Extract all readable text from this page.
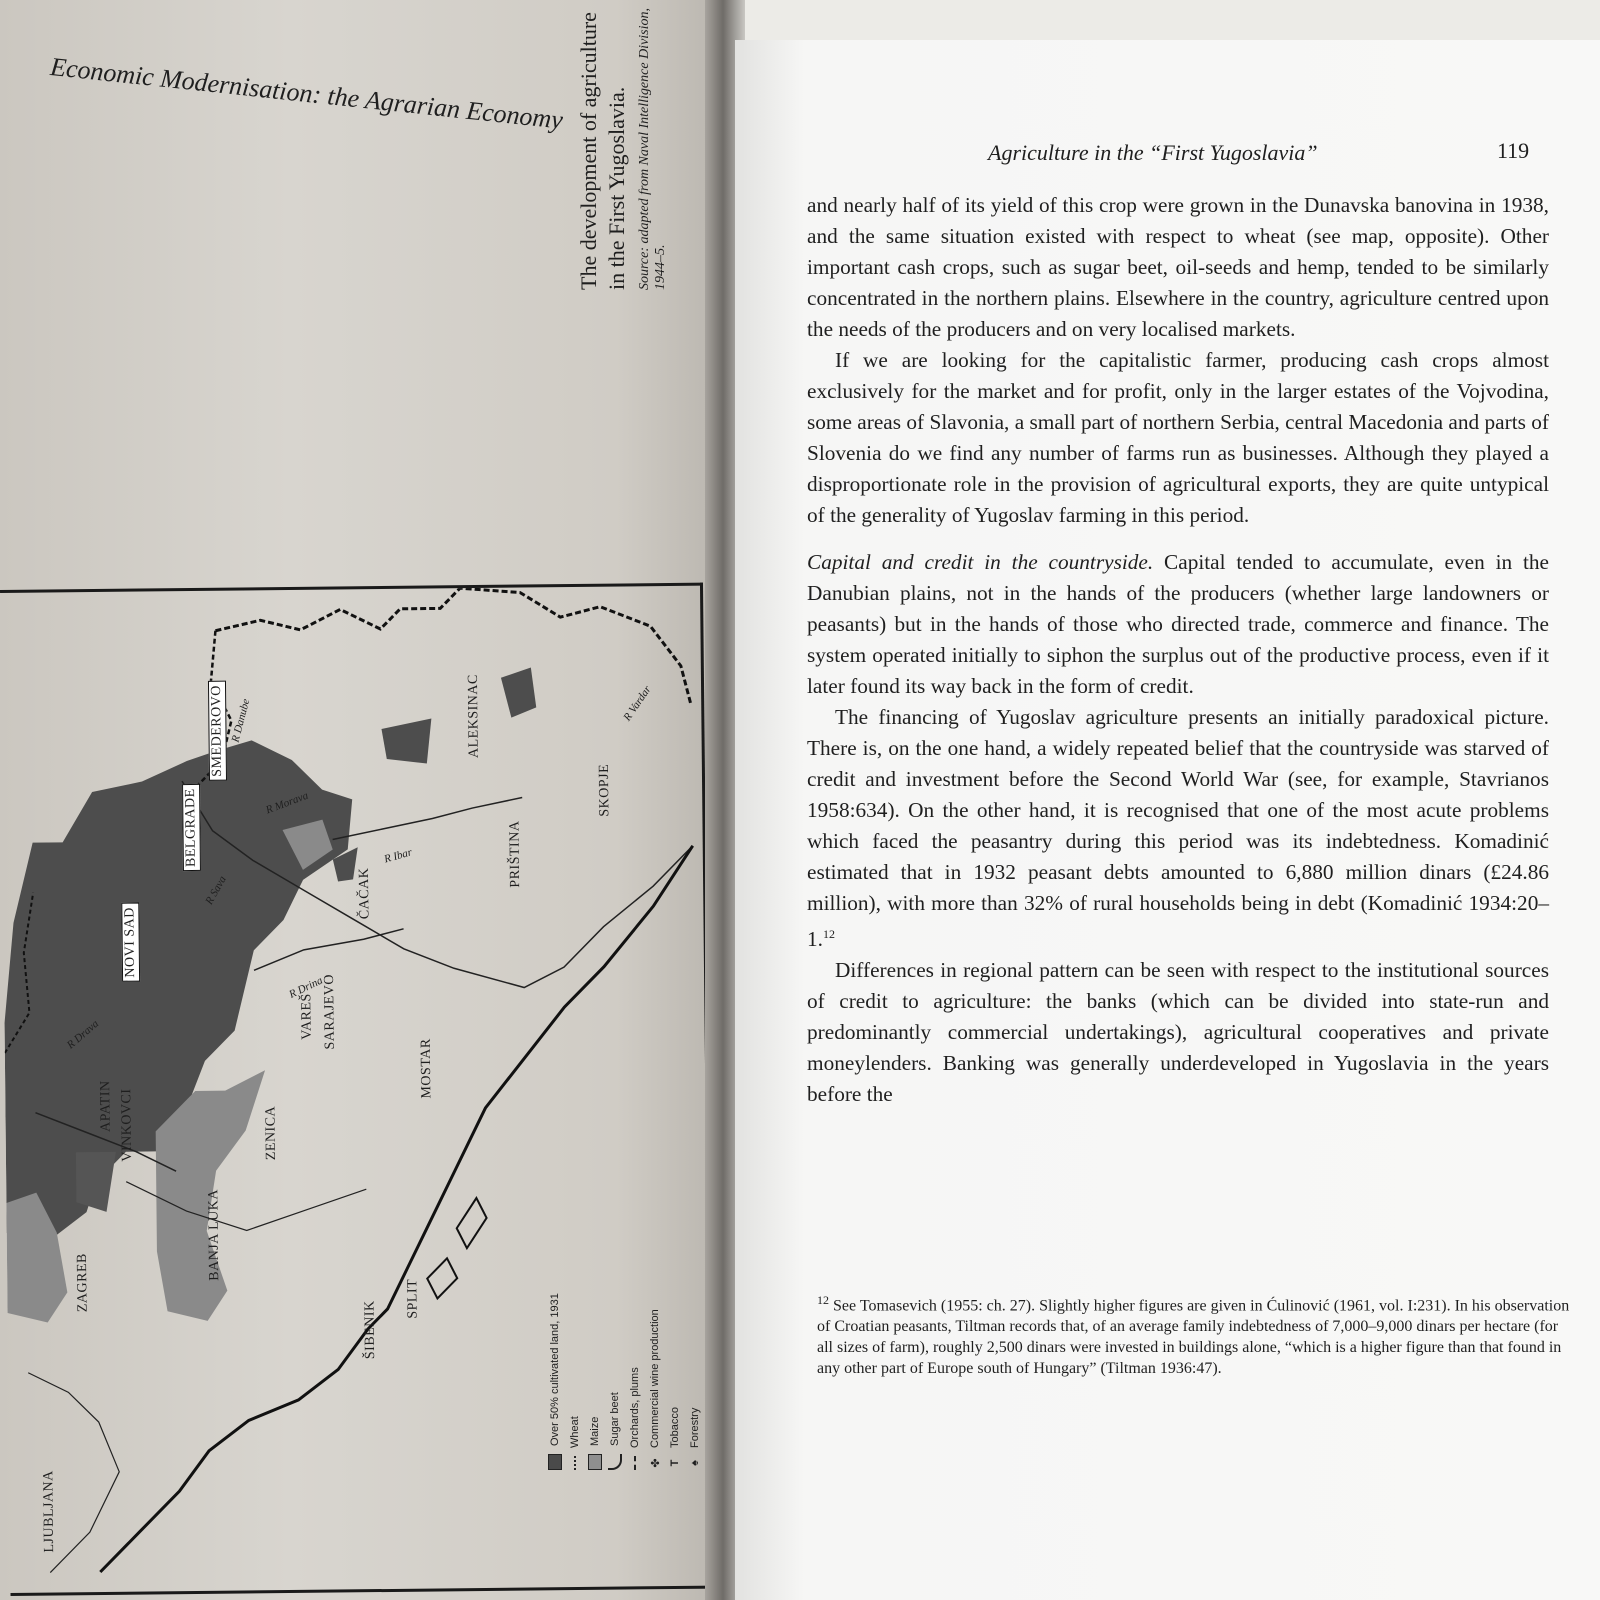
Economic Modernisation: the Agrarian Economy The development of agriculture in the First Yugoslavia. Source: adapted from Naval Intelligence Division, 1944–5.
NOVI SAD
BELGRADE
SMEDEROVO	ALEKSINAC
SKOPJE
PRIŠTINA
ČAČAK
SARAJEVO
VAREŠ
MOSTAR
ZENICA
APATIN VINKOVCI
BANJA LUKA
ZAGREB	SPLIT
ŠIBENIK
LJUBLJANA
R Danube
R Morava
R Ibar
R Drina
R Sava
R Vardar
R Drava
Over 50% cultivated land, 1931 Wheat Maize Sugar beet Orchards, plums
✤
Commercial wine production
T
Tobacco
♠
Forestry
Agriculture in the “First Yugoslavia”	119

and nearly half of its yield of this crop were grown in the Dunavska banovina in 1938, and the same situation existed with respect to wheat (see map, opposite). Other important cash crops, such as sugar beet, oil-seeds and hemp, tended to be similarly concentrated in the northern plains. Elsewhere in the country, agriculture centred upon the needs of the producers and on very localised markets.

If we are looking for the capitalistic farmer, producing cash crops almost exclusively for the market and for profit, only in the larger estates of the Vojvodina, some areas of Slavonia, a small part of northern Serbia, central Macedonia and parts of Slovenia do we find any number of farms run as businesses. Although they played a disproportionate role in the provision of agricultural exports, they are quite untypical of the generality of Yugoslav farming in this period.

Capital and credit in the countryside. Capital tended to accumulate, even in the Danubian plains, not in the hands of the producers (whether large landowners or peasants) but in the hands of those who directed trade, commerce and finance. The system operated initially to siphon the surplus out of the productive process, even if it later found its way back in the form of credit.

The financing of Yugoslav agriculture presents an initially paradoxical picture. There is, on the one hand, a widely repeated belief that the countryside was starved of credit and investment before the Second World War (see, for example, Stavrianos 1958:634). On the other hand, it is recognised that one of the most acute problems which faced the peasantry during this period was its indebtedness. Komadinić estimated that in 1932 peasant debts amounted to 6,880 million dinars (£24.86 million), with more than 32% of rural households being in debt (Komadinić 1934:20–1.12

Differences in regional pattern can be seen with respect to the institutional sources of credit to agriculture: the banks (which can be divided into state-run and predominantly commercial undertakings), agricultural cooperatives and private moneylenders. Banking was generally underdeveloped in Yugoslavia in the years before the

$^{12}$ See Tomasevich (1955: ch. 27). Slightly higher figures are given in Ćulinović (1961, vol. I:231). In his observation of Croatian peasants, Tiltman records that, of an average family indebtedness of 7,000–9,000 dinars per hectare (for all sizes of farm), roughly 2,500 dinars were invested in buildings alone, “which is a higher figure than that found in any other part of Europe south of Hungary” (Tiltman 1936:47).
